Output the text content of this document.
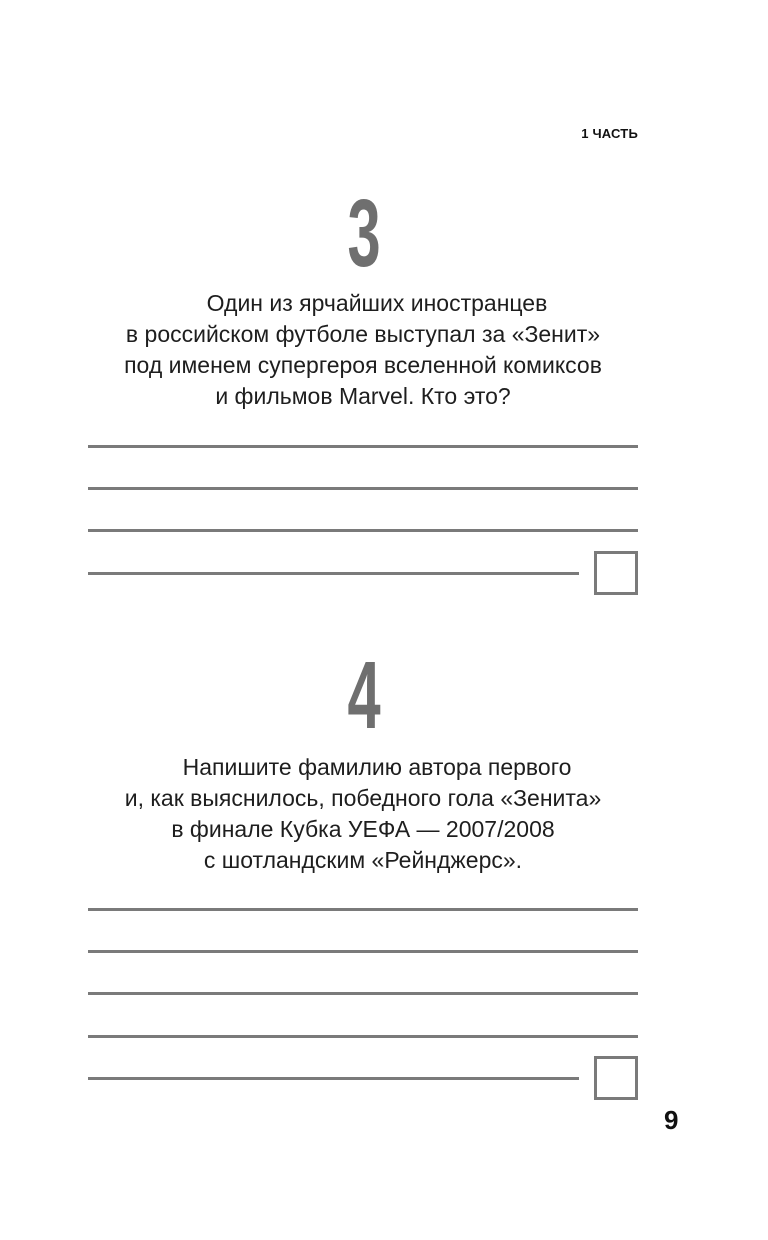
1 ЧАСТЬ
3
Один из ярчайших иностранцев
в российском футболе выступал за «Зенит»
под именем супергероя вселенной комиксов
и фильмов Marvel. Кто это?
4
Напишите фамилию автора первого
и, как выяснилось, победного гола «Зенита»
в финале Кубка УЕФА — 2007/2008
с шотландским «Рейнджерс».
9
